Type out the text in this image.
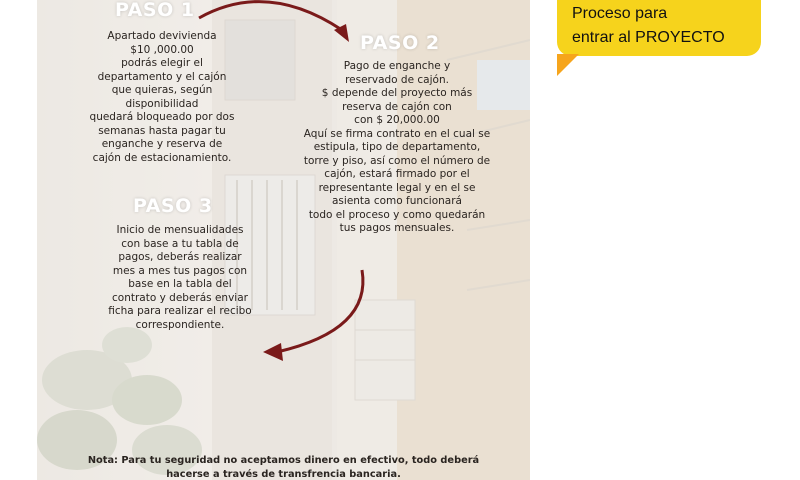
PASO 1
Apartado devivienda
$10 ,000.00
podrás elegir el
departamento y el cajón
que quieras, según
disponibilidad
quedará bloqueado por dos
semanas hasta pagar tu
enganche y reserva de
cajón de estacionamiento.
PASO 2
Pago de enganche y
reservado de cajón.
$ depende del proyecto más
reserva de cajón con
con $ 20,000.00
Aquí se firma contrato en el cual se
estipula, tipo de departamento,
torre y piso, así como el número de
cajón, estará firmado por el
representante legal y en el se
asienta como funcionará
todo el proceso y como quedarán
tus pagos mensuales.
PASO 3
Inicio de mensualidades
con base a tu tabla de
pagos, deberás realizar
mes a mes tus pagos con
base en la tabla del
contrato y deberás enviar
ficha para realizar el recibo
correspondiente.
Nota: Para tu seguridad no aceptamos dinero en efectivo, todo deberá
hacerse a través de transfrencia bancaria.
Proceso para
entrar al PROYECTO
